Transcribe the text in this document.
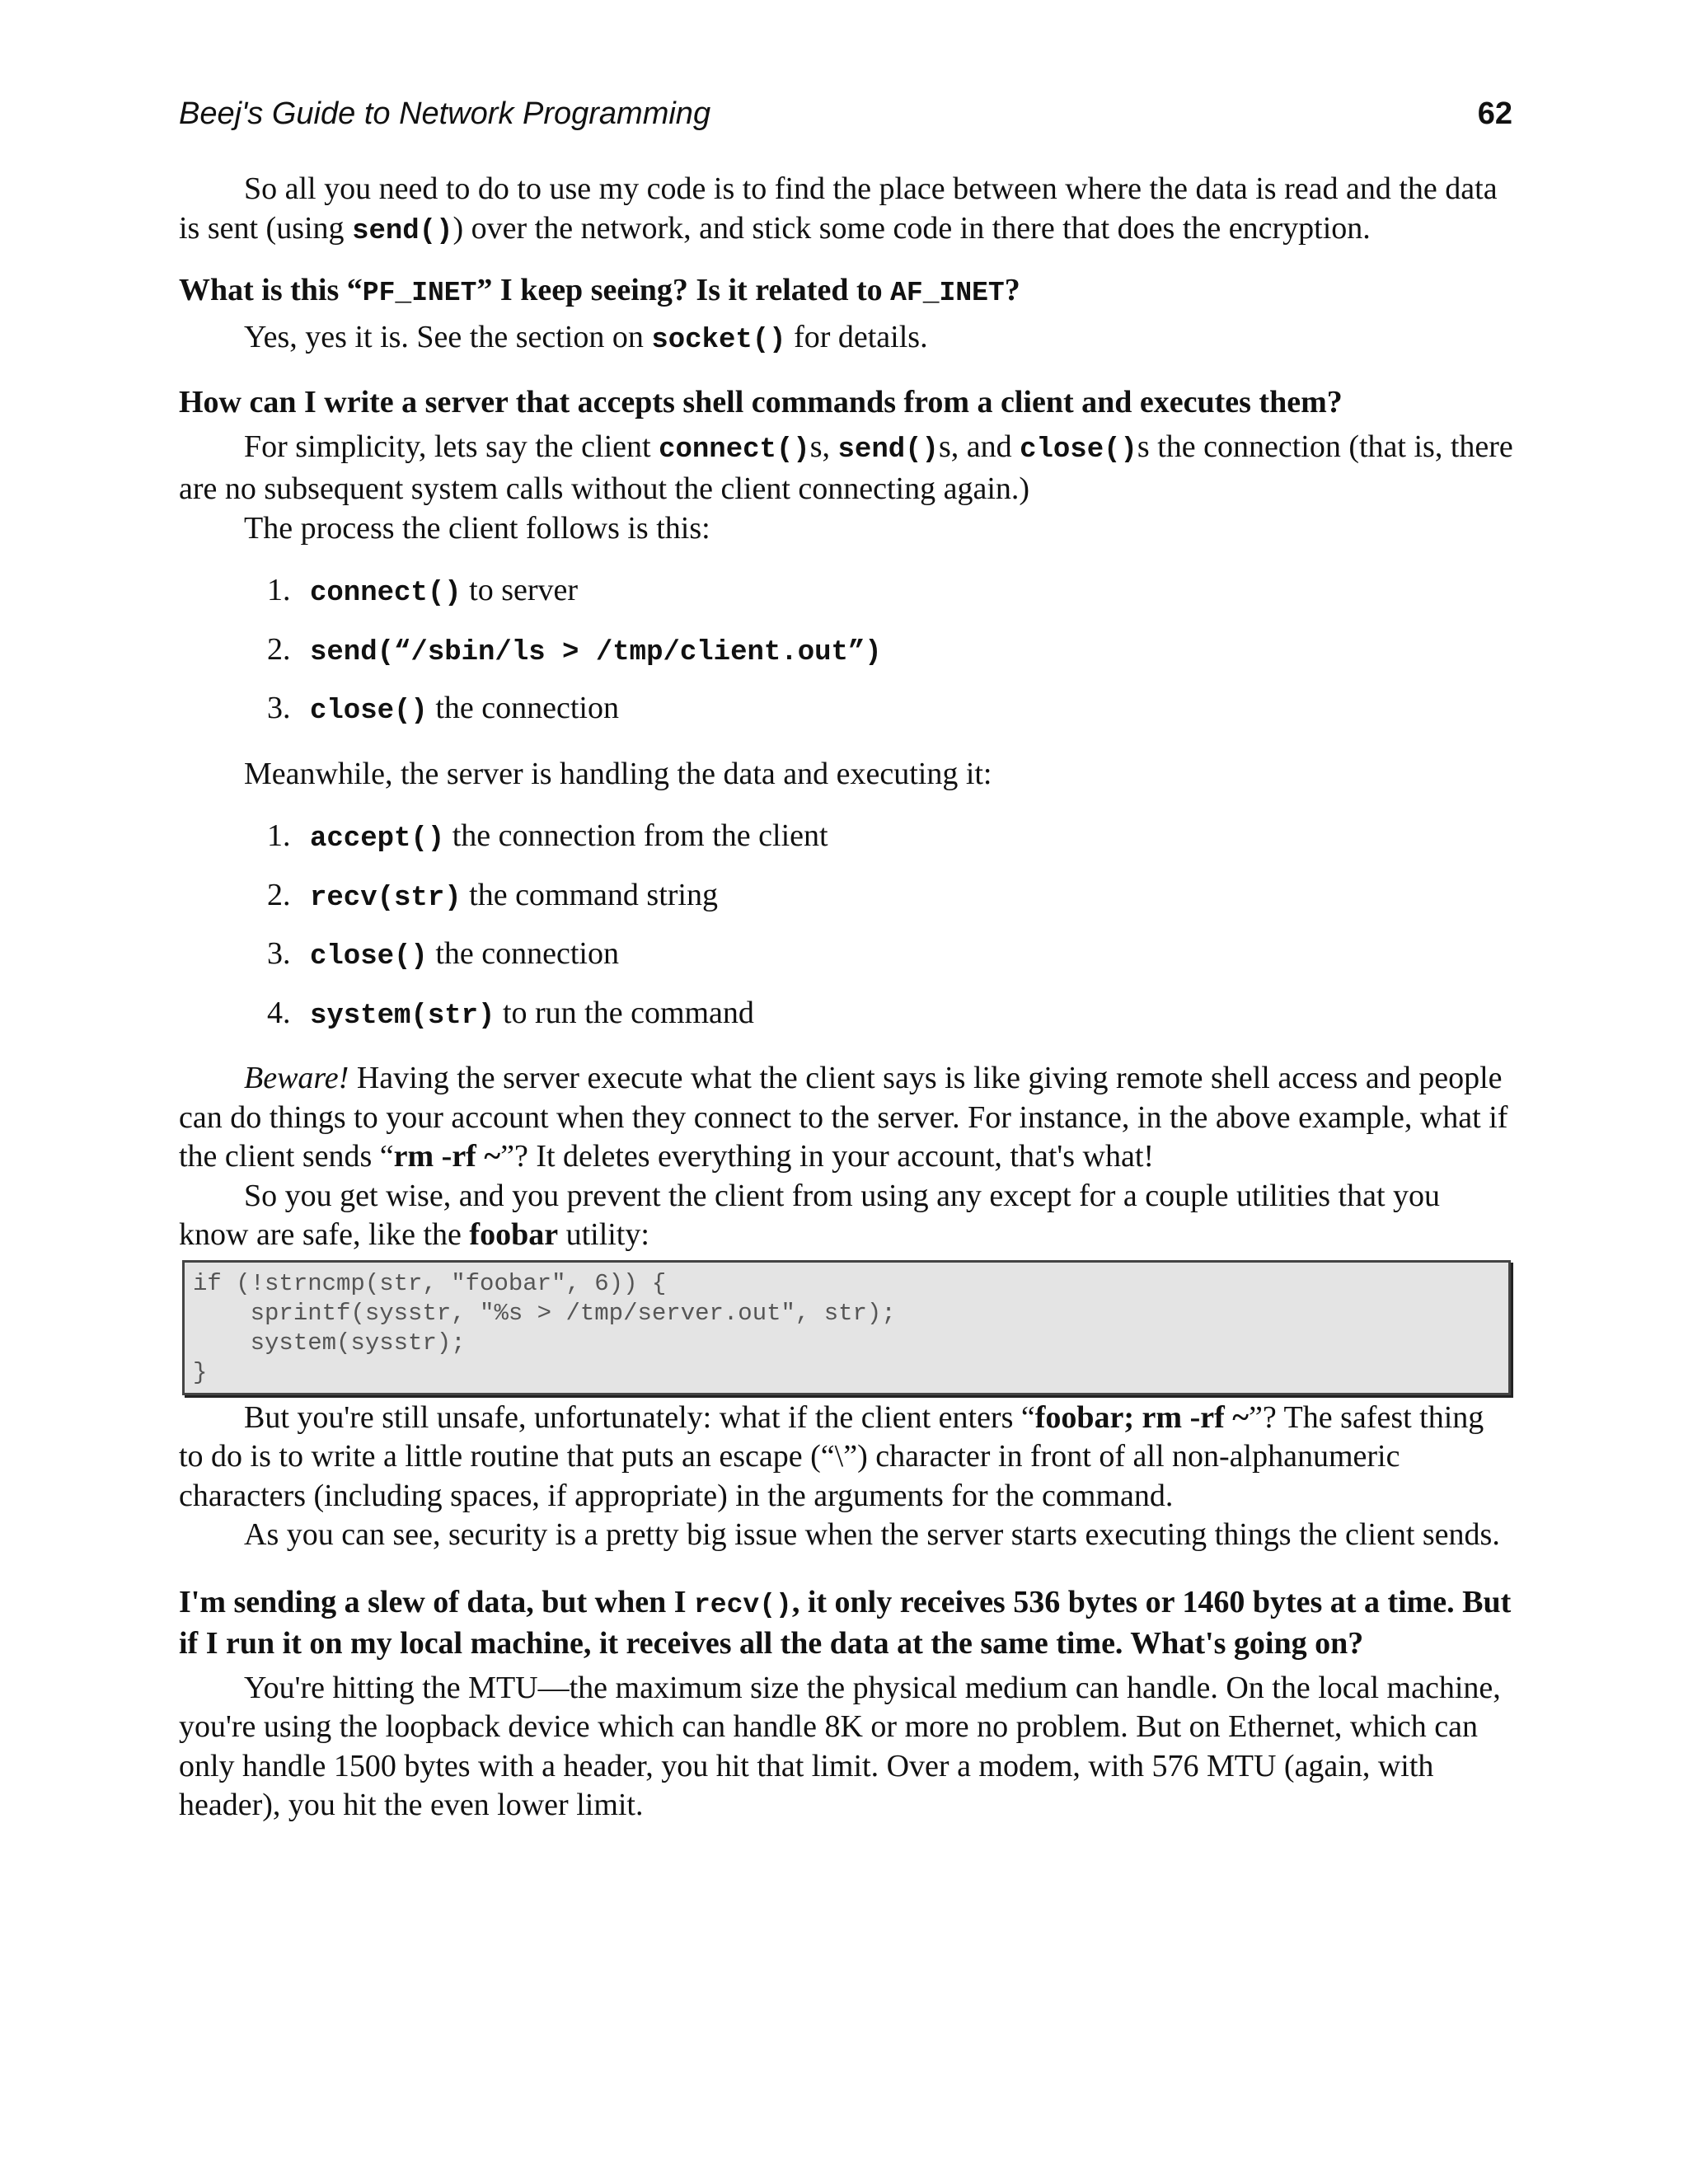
Beej's Guide to Network Programming	62

So all you need to do to use my code is to find the place between where the data is read and the data is sent (using send()) over the network, and stick some code in there that does the encryption.

What is this “PF_INET” I keep seeing? Is it related to AF_INET?

Yes, yes it is. See the section on socket() for details.

How can I write a server that accepts shell commands from a client and executes them?

For simplicity, lets say the client connect()s, send()s, and close()s the connection (that is, there are no subsequent system calls without the client connecting again.)

The process the client follows is this:

1. connect() to server
2. send(“/sbin/ls > /tmp/client.out”)
3. close() the connection

Meanwhile, the server is handling the data and executing it:

1. accept() the connection from the client
2. recv(str) the command string
3. close() the connection
4. system(str) to run the command

Beware! Having the server execute what the client says is like giving remote shell access and people can do things to your account when they connect to the server. For instance, in the above example, what if the client sends “rm -rf ~”? It deletes everything in your account, that's what!

So you get wise, and you prevent the client from using any except for a couple utilities that you know are safe, like the foobar utility:

if (!strncmp(str, "foobar", 6)) {
sprintf(sysstr, "%s > /tmp/server.out", str);
system(sysstr);
}

But you're still unsafe, unfortunately: what if the client enters “foobar; rm -rf ~”? The safest thing to do is to write a little routine that puts an escape (“\”) character in front of all non-alphanumeric characters (including spaces, if appropriate) in the arguments for the command.

As you can see, security is a pretty big issue when the server starts executing things the client sends.

I'm sending a slew of data, but when I recv(), it only receives 536 bytes or 1460 bytes at a time. But if I run it on my local machine, it receives all the data at the same time. What's going on?

You're hitting the MTU—the maximum size the physical medium can handle. On the local machine, you're using the loopback device which can handle 8K or more no problem. But on Ethernet, which can only handle 1500 bytes with a header, you hit that limit. Over a modem, with 576 MTU (again, with header), you hit the even lower limit.
